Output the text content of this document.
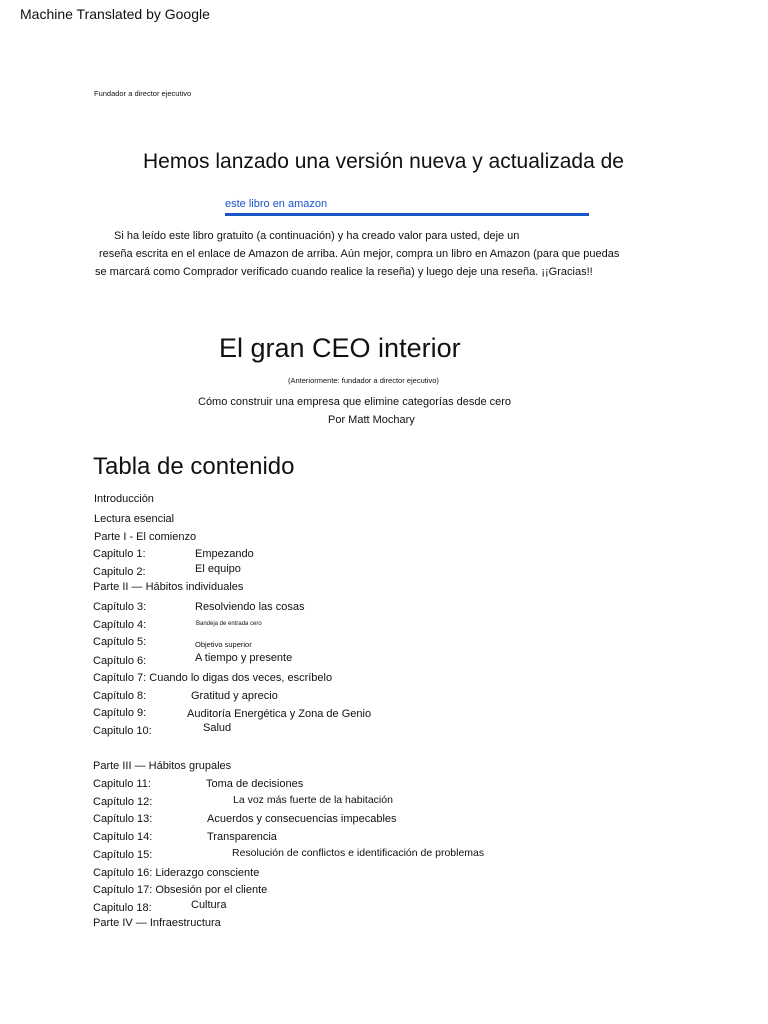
Machine Translated by Google
Fundador a director ejecutivo
Hemos lanzado una versión nueva y actualizada de
este libro en amazon
Si ha leído este libro gratuito (a continuación) y ha creado valor para usted, deje un
reseña escrita en el enlace de Amazon de arriba. Aún mejor, compra un libro en Amazon (para que puedas
se marcará como Comprador verificado cuando realice la reseña) y luego deje una reseña. ¡¡Gracias!!
El gran CEO interior
(Anteriormente: fundador a director ejecutivo)
Cómo construir una empresa que elimine categorías desde cero
Por Matt Mochary
Tabla de contenido
Introducción
Lectura esencial
Parte I - El comienzo
Capitulo 1:	Empezando
Capitulo 2:	El equipo
Parte II — Hábitos individuales
Capítulo 3:	Resolviendo las cosas
Capítulo 4:	Bandeja de entrada cero
Capítulo 5:	Objetivo superior
Capítulo 6:	A tiempo y presente
Capítulo 7: Cuando lo digas dos veces, escríbelo
Capítulo 8:	Gratitud y aprecio
Capítulo 9:	Auditoría Energética y Zona de Genio
Capitulo 10:	Salud
Parte III — Hábitos grupales
Capitulo 11:	Toma de decisiones
Capítulo 12:	La voz más fuerte de la habitación
Capítulo 13:	Acuerdos y consecuencias impecables
Capítulo 14:	Transparencia
Capítulo 15:	Resolución de conflictos e identificación de problemas
Capítulo 16: Liderazgo consciente
Capítulo 17: Obsesión por el cliente
Capitulo 18:	Cultura
Parte IV — Infraestructura
